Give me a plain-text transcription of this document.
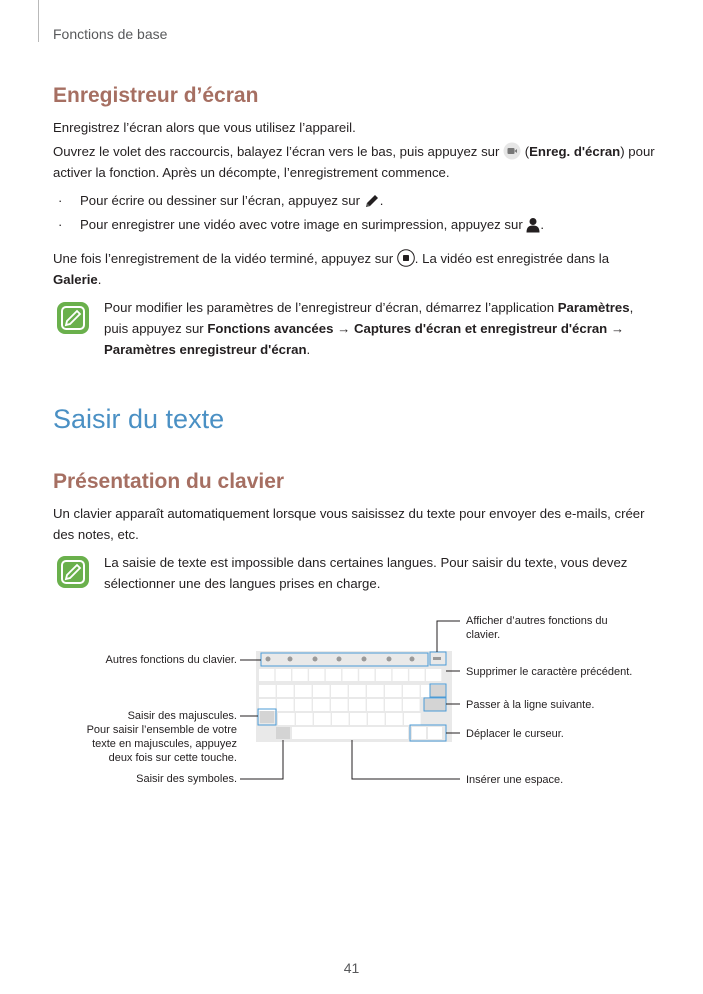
Fonctions de base
Enregistreur d’écran
Enregistrez l’écran alors que vous utilisez l’appareil.
Ouvrez le volet des raccourcis, balayez l’écran vers le bas, puis appuyez sur (Enreg. d'écran) pour
activer la fonction. Après un décompte, l’enregistrement commence.
· Pour écrire ou dessiner sur l’écran, appuyez sur .
· Pour enregistrer une vidéo avec votre image en surimpression, appuyez sur .
Une fois l’enregistrement de la vidéo terminé, appuyez sur . La vidéo est enregistrée dans la
Galerie.
Pour modifier les paramètres de l’enregistreur d’écran, démarrez l’application Paramètres,
puis appuyez sur Fonctions avancées → Captures d'écran et enregistreur d'écran →
Paramètres enregistreur d'écran.
Saisir du texte
Présentation du clavier
Un clavier apparaît automatiquement lorsque vous saisissez du texte pour envoyer des e-mails, créer
des notes, etc.
La saisie de texte est impossible dans certaines langues. Pour saisir du texte, vous devez
sélectionner une des langues prises en charge.
Autres fonctions du clavier.
Saisir des majuscules.
Pour saisir l’ensemble de votre
texte en majuscules, appuyez
deux fois sur cette touche.
Saisir des symboles.
Afficher d’autres fonctions du
clavier.
Supprimer le caractère précédent.
Passer à la ligne suivante.
Déplacer le curseur.
Insérer une espace.
41
